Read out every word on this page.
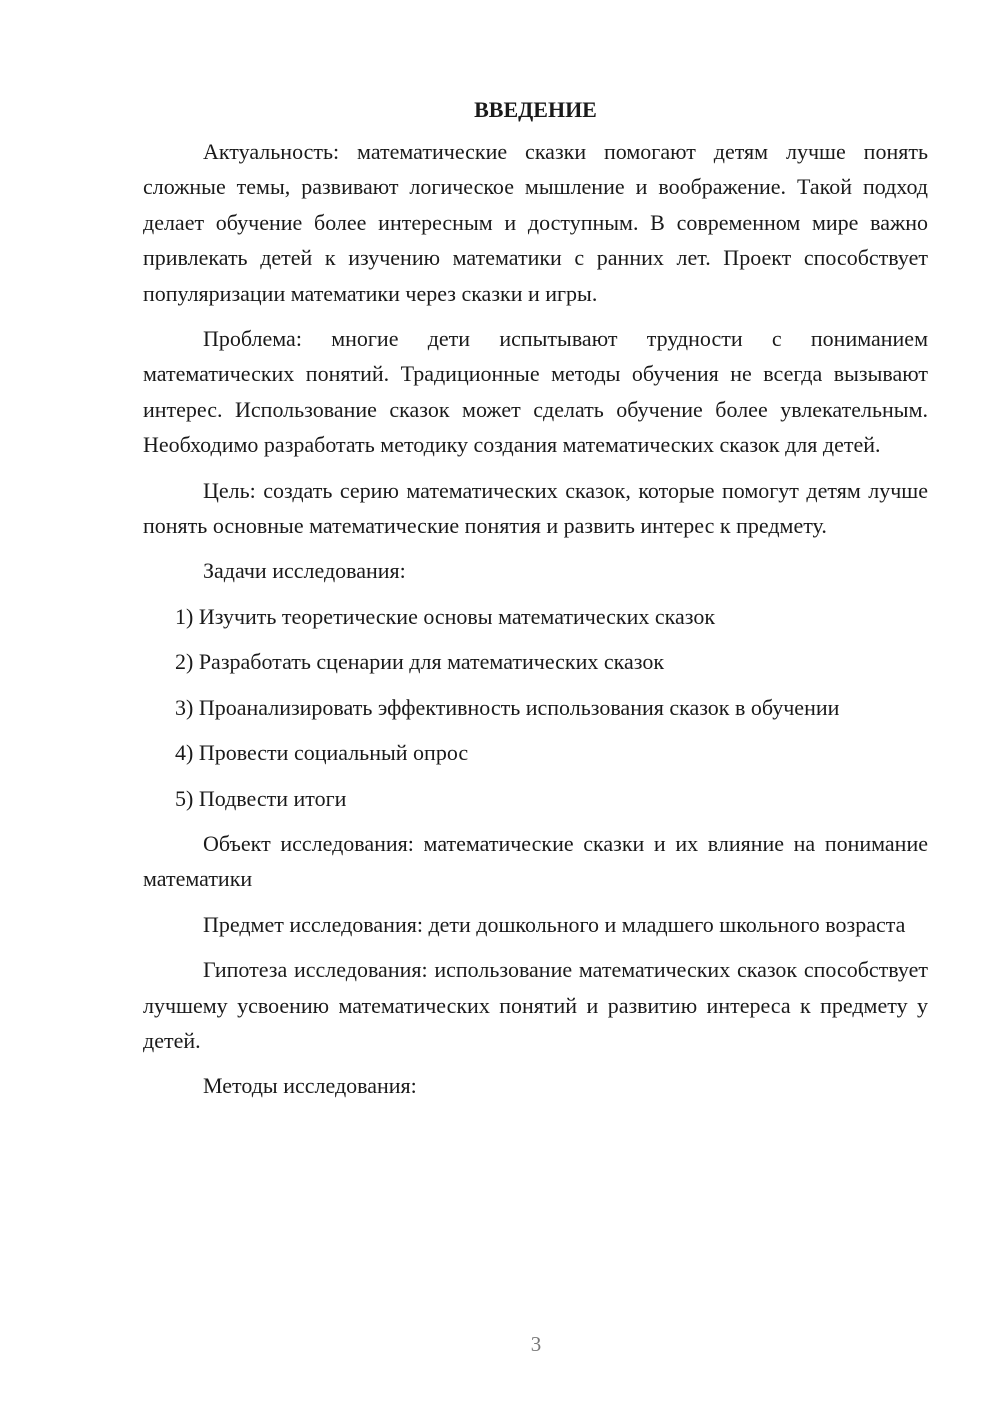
ВВЕДЕНИЕ

Актуальность: математические сказки помогают детям лучше понять сложные темы, развивают логическое мышление и воображение. Такой подход делает обучение более интересным и доступным. В современном мире важно привлекать детей к изучению математики с ранних лет. Проект способствует популяризации математики через сказки и игры.

Проблема: многие дети испытывают трудности с пониманием математических понятий. Традиционные методы обучения не всегда вызывают интерес. Использование сказок может сделать обучение более увлекательным. Необходимо разработать методику создания математических сказок для детей.

Цель: создать серию математических сказок, которые помогут детям лучше понять основные математические понятия и развить интерес к предмету.

Задачи исследования:

1) Изучить теоретические основы математических сказок

2) Разработать сценарии для математических сказок

3) Проанализировать эффективность использования сказок в обучении

4) Провести социальный опрос

5) Подвести итоги

Объект исследования: математические сказки и их влияние на понимание математики

Предмет исследования: дети дошкольного и младшего школьного возраста

Гипотеза исследования: использование математических сказок способствует лучшему усвоению математических понятий и развитию интереса к предмету у детей.

Методы исследования:

3
